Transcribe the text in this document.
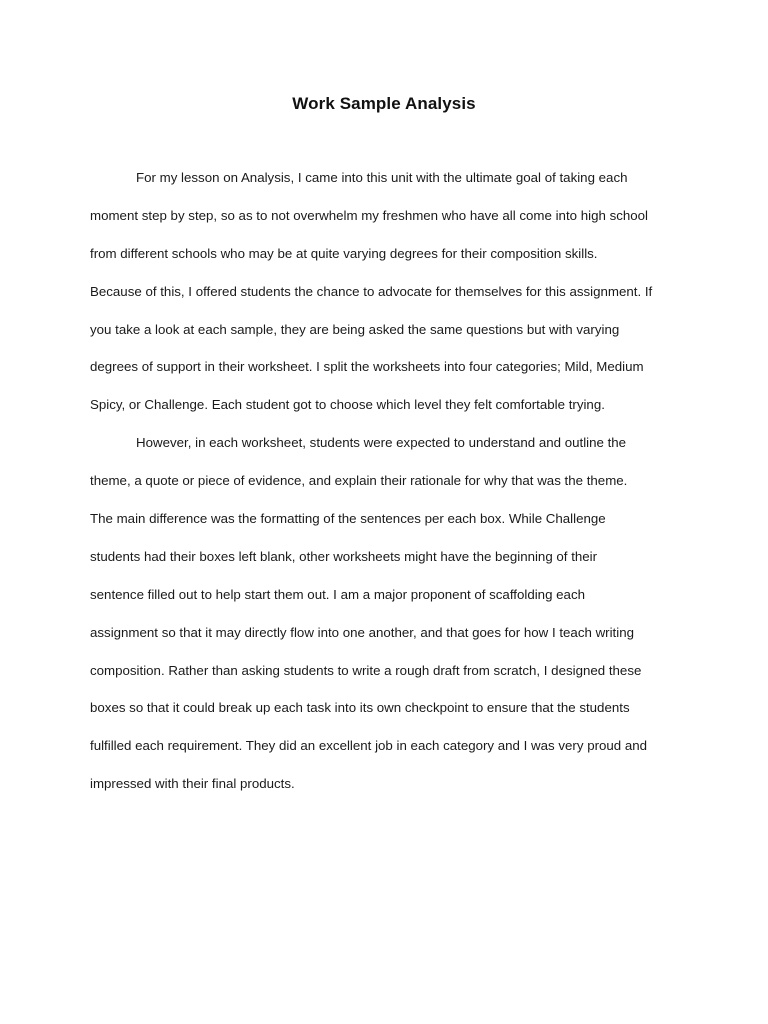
Work Sample Analysis
For my lesson on Analysis, I came into this unit with the ultimate goal of taking each
moment step by step, so as to not overwhelm my freshmen who have all come into high school
from different schools who may be at quite varying degrees for their composition skills.
Because of this, I offered students the chance to advocate for themselves for this assignment. If
you take a look at each sample, they are being asked the same questions but with varying
degrees of support in their worksheet. I split the worksheets into four categories; Mild, Medium
Spicy, or Challenge. Each student got to choose which level they felt comfortable trying.
However, in each worksheet, students were expected to understand and outline the
theme, a quote or piece of evidence, and explain their rationale for why that was the theme.
The main difference was the formatting of the sentences per each box. While Challenge
students had their boxes left blank, other worksheets might have the beginning of their
sentence filled out to help start them out. I am a major proponent of scaffolding each
assignment so that it may directly flow into one another, and that goes for how I teach writing
composition. Rather than asking students to write a rough draft from scratch, I designed these
boxes so that it could break up each task into its own checkpoint to ensure that the students
fulfilled each requirement. They did an excellent job in each category and I was very proud and
impressed with their final products.
